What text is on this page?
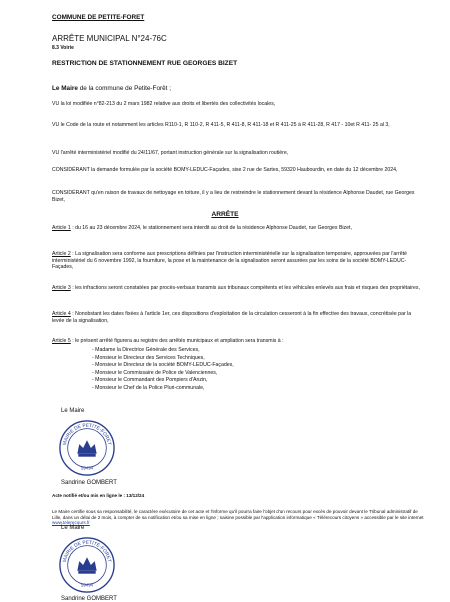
COMMUNE DE PETITE-FORET
ARRÊTE MUNICIPAL N°24-76C
8.3 Voirie
RESTRICTION DE STATIONNEMENT RUE GEORGES BIZET
Le Maire de la commune de Petite-Forêt ;
VU la loi modifiée n°82-213 du 2 mars 1982 relative aux droits et libertés des collectivités locales,
VU le Code de la route et notamment les articles R110-1, R 110-2, R 411-5, R 411-8, R 411-18 et R 411-25 à R 411-28, R 417 - 10et R 411- 25 al 3,
VU l'arrêté interministériel modifié du 24/11/67, portant instruction générale sur la signalisation routière,
CONSIDÉRANT la demande formulée par la société BOMY-LEDUC-Façades, sise 2 rue de Sartes, 59320 Haubourdin, en date du 12 décembre 2024,
CONSIDÉRANT qu'en raison de travaux de nettoyage en toiture, il y a lieu de restreindre le stationnement devant la résidence Alphonse Daudet, rue Georges Bizet,
ARRÊTE
Article 1 : du 16 au 23 décembre 2024, le stationnement sera interdit au droit de la résidence Alphonse Daudet, rue Georges Bizet,
Article 2 : La signalisation sera conforme aux prescriptions définies par l'instruction interministérielle sur la signalisation temporaire, approuvées par l'arrêté interministériel du 6 novembre 1992, la fourniture, la pose et la maintenance de la signalisation seront assurées par les soins de la société BOMY-LEDUC-Façades,
Article 3 : les infractions seront constatées par procès-verbaux transmis aux tribunaux compétents et les véhicules enlevés aux frais et risques des propriétaires,
Article 4 : Nonobstant les dates fixées à l'article 1er, ces dispositions d'exploitation de la circulation cesseront à la fin effective des travaux, concrétisée par la levée de la signalisation,
Article 5 : le présent arrêté figurera au registre des arrêtés municipaux et ampliation sera transmis à :
- Madame la Directrice Générale des Services,
- Monsieur le Directeur des Services Techniques,
- Monsieur le Directeur de la société BOMY-LEDUC-Façades,
- Monsieur le Commissaire de Police de Valenciennes,
- Monsieur le Commandant des Pompiers d'Anzin,
- Monsieur le Chef de la Police Pluri-communale,
Le Maire
MAIRIE DE PETITE-FORET
59494
Sandrine GOMBERT
Acte notifié et/ou mis en ligne le : 13/12/24
Le Maire certifie sous sa responsabilité, le caractère exécutoire de cet acte et l'informe qu'il pourra faire l'objet d'un recours pour excès de pouvoir devant le Tribunal administratif de Lille, dans un délai de 2 mois, à compter de sa notification et/ou sa mise en ligne ; saisine possible par l'application informatique « Télérecours citoyens » accessible par le site internet www.telerecours.fr
Le Maire
MAIRIE DE PETITE-FORET
59494
Sandrine GOMBERT
